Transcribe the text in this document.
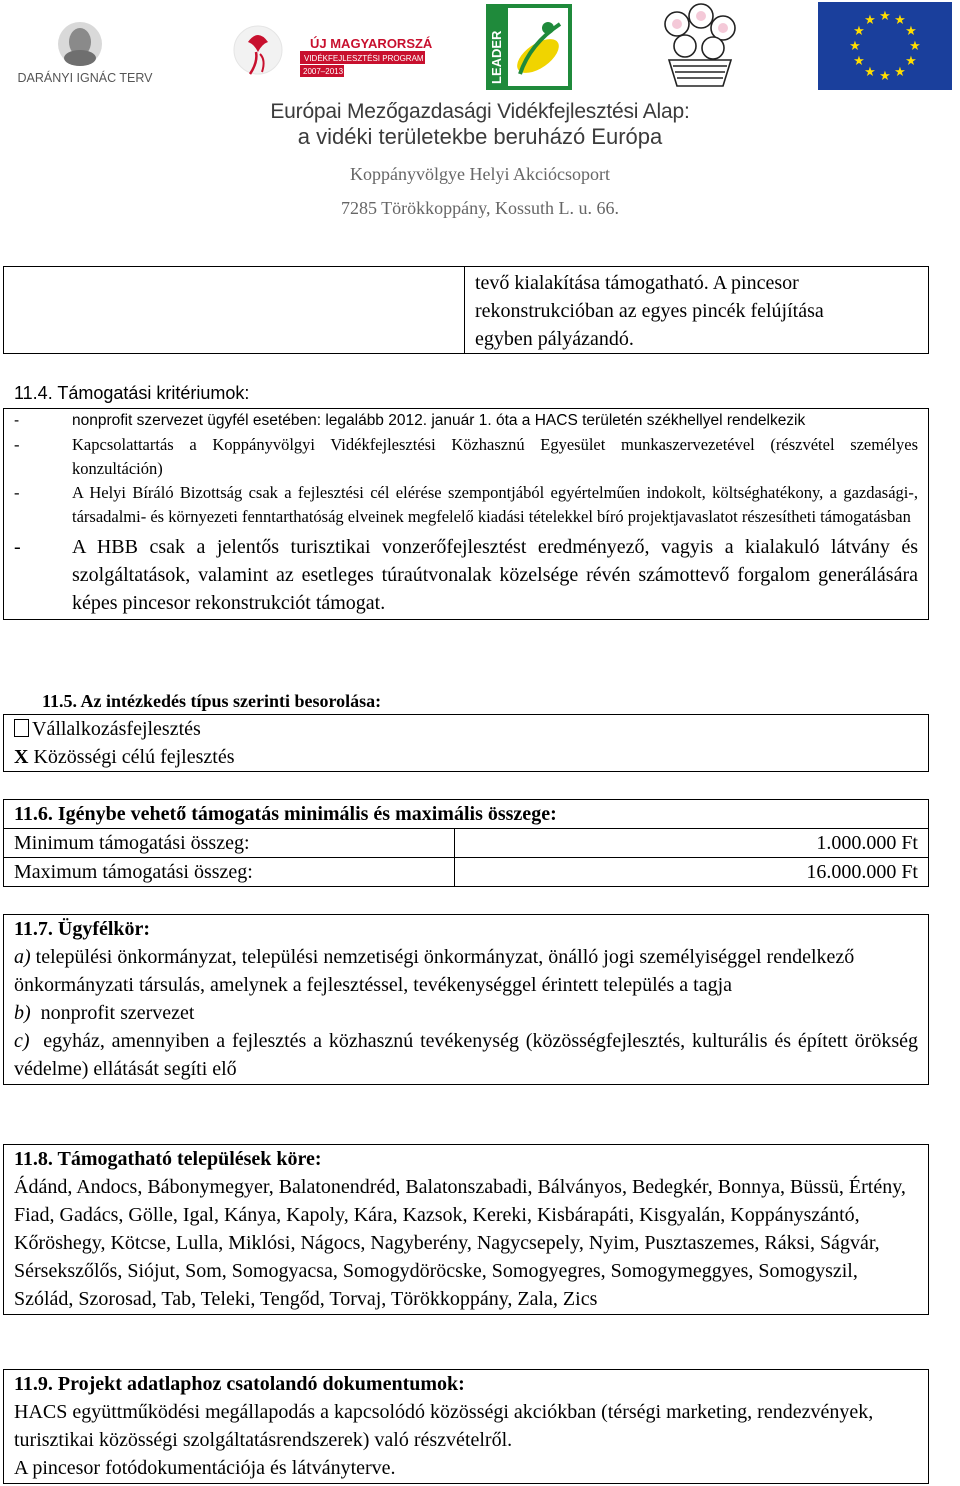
DARÁNYI IGNÁC TERV
ÚJ MAGYARORSZÁG
VIDÉKFEJLESZTÉSI PROGRAM
2007–2013	LEADER
★ ★
★
★
★
★
★
★
★
★
★
★
Európai Mezőgazdasági Vidékfejlesztési Alap:
a vidéki területekbe beruházó Európa
Koppányvölgye Helyi Akciócsoport
7285 Törökkoppány, Kossuth L. u. 66.

tevő kialakítása támogatható. A pincesor
rekonstrukcióban az egyes pincék felújítása
egyben pályázandó.
11.4. Támogatási kritériumok:
-	nonprofit szervezet ügyfél esetében: legalább 2012. január 1. óta a HACS területén székhellyel rendelkezik
-	Kapcsolattartás a Koppányvölgyi Vidékfejlesztési Közhasznú Egyesület munkaszervezetével (részvétel személyes konzultáción)
-	A Helyi Bíráló Bizottság csak a fejlesztési cél elérése szempontjából egyértelműen indokolt, költséghatékony, a gazdasági-, társadalmi- és környezeti fenntarthatóság elveinek megfelelő kiadási tételekkel bíró projektjavaslatot részesítheti támogatásban
-	A HBB csak a jelentős turisztikai vonzerőfejlesztést eredményező, vagyis a kialakuló látvány és szolgáltatások, valamint az esetleges túraútvonalak közelsége révén számottevő forgalom generálására képes pincesor rekonstrukciót támogat.
11.5. Az intézkedés típus szerinti besorolása:
Vállalkozásfejlesztés
X Közösségi célú fejlesztés
11.6. Igénybe vehető támogatás minimális és maximális összege:	
Minimum támogatási összeg:	1.000.000 Ft
Maximum támogatási összeg:	16.000.000 Ft
11.7. Ügyfélkör:
a) települési önkormányzat, települési nemzetiségi önkormányzat, önálló jogi személyiséggel rendelkező önkormányzati társulás, amelynek a fejlesztéssel, tevékenységgel érintett település a tagja
b) nonprofit szervezet
c) egyház, amennyiben a fejlesztés a közhasznú tevékenység (közösségfejlesztés, kulturális és épített örökség védelme) ellátását segíti elő
11.8. Támogatható települések köre:
Ádánd, Andocs, Bábonymegyer, Balatonendréd, Balatonszabadi, Bálványos, Bedegkér, Bonnya, Büssü, Értény, Fiad, Gadács, Gölle, Igal, Kánya, Kapoly, Kára, Kazsok, Kereki, Kisbárapáti, Kisgyalán, Koppányszántó, Kőröshegy, Kötcse, Lulla, Miklósi, Nágocs, Nagyberény, Nagycsepely, Nyim, Pusztaszemes, Ráksi, Ságvár, Sérsekszőlős, Siójut, Som, Somogyacsa, Somogydöröcske, Somogyegres, Somogymeggyes, Somogyszil, Szólád, Szorosad, Tab, Teleki, Tengőd, Torvaj, Törökkoppány, Zala, Zics
11.9. Projekt adatlaphoz csatolandó dokumentumok:
HACS együttműködési megállapodás a kapcsolódó közösségi akciókban (térségi marketing, rendezvények, turisztikai közösségi szolgáltatásrendszerek) való részvételről.
A pincesor fotódokumentációja és látványterve.
